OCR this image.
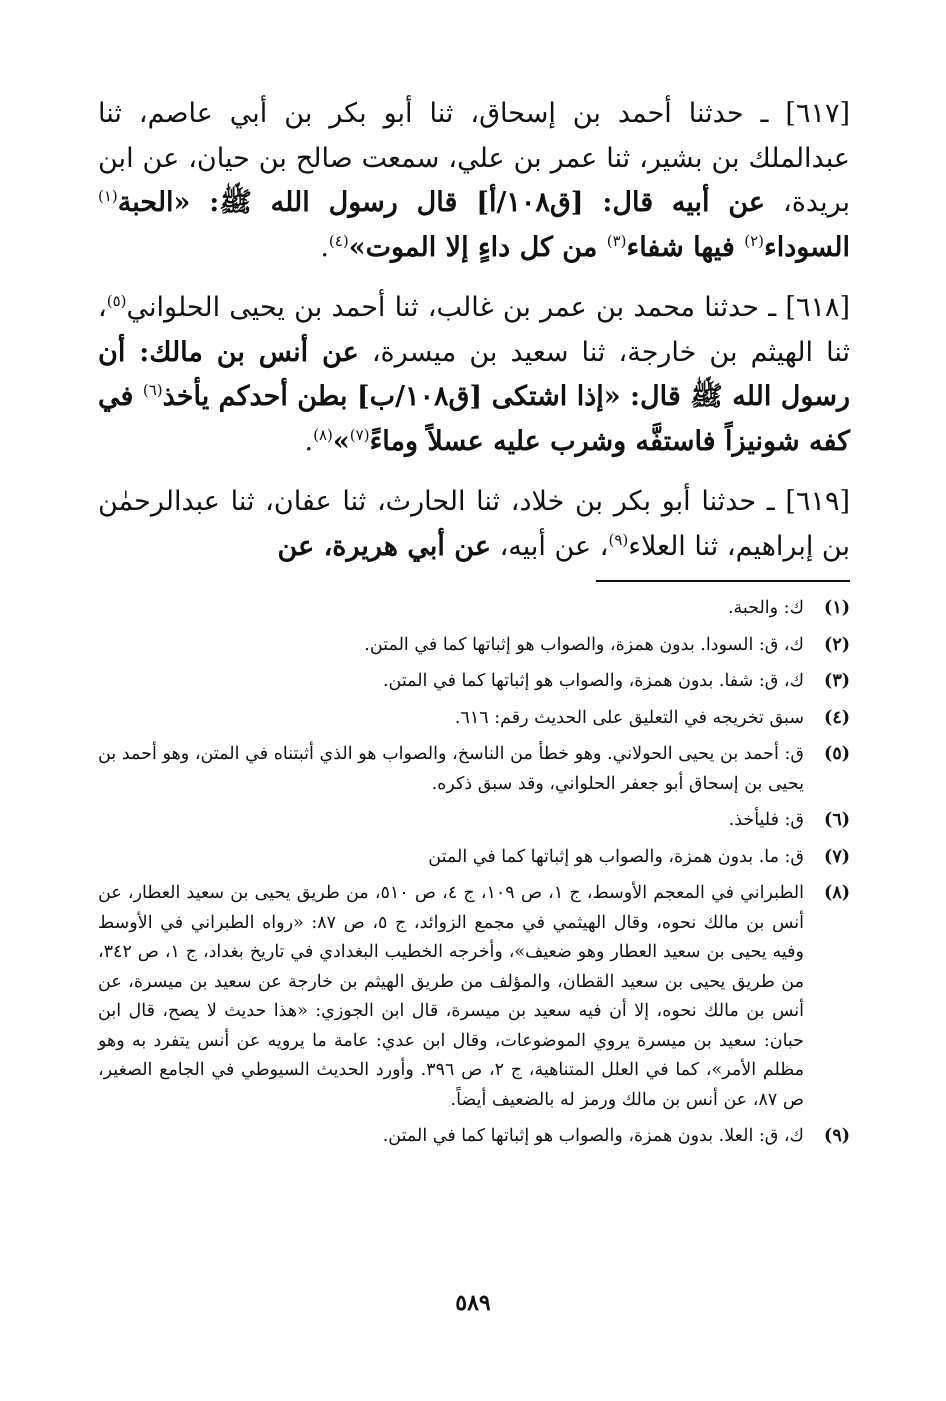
[٦١٧] ـ حدثنا أحمد بن إسحاق، ثنا أبو بكر بن أبي عاصم، ثنا عبدالملك بن بشير، ثنا عمر بن علي، سمعت صالح بن حيان، عن ابن بريدة، عن أبيه قال: [ق١٠٨/أ] قال رسول الله ﷺ: «الحبة$^{(١)}$ السوداء$^{(٢)}$ فيها شفاء$^{(٣)}$ من كل داءٍ إلا الموت»$^{(٤)}$.

[٦١٨] ـ حدثنا محمد بن عمر بن غالب، ثنا أحمد بن يحيى الحلواني$^{(٥)}$، ثنا الهيثم بن خارجة، ثنا سعيد بن ميسرة، عن أنس بن مالك: أن رسول الله ﷺ قال: «إذا اشتكى [ق١٠٨/ب] بطن أحدكم يأخذ$^{(٦)}$ في كفه شونيزاً فاستفَّه وشرب عليه عسلاً وماءً$^{(٧)}$»$^{(٨)}$.

[٦١٩] ـ حدثنا أبو بكر بن خلاد، ثنا الحارث، ثنا عفان، ثنا عبدالرحمٰن بن إبراهيم، ثنا العلاء$^{(٩)}$، عن أبيه، عن أبي هريرة، عن

(١)
ك: والحبة.
(٢)
ك، ق: السودا. بدون همزة، والصواب هو إثباتها كما في المتن.
(٣)
ك، ق: شفا. بدون همزة، والصواب هو إثباتها كما في المتن.
(٤)
سبق تخريجه في التعليق على الحديث رقم: ٦١٦.
(٥)
ق: أحمد بن يحيى الحولاني. وهو خطأ من الناسخ، والصواب هو الذي أثبتناه في المتن، وهو أحمد بن يحيى بن إسحاق أبو جعفر الحلواني، وقد سبق ذكره.
(٦)
ق: فليأخذ.
(٧)
ق: ما. بدون همزة، والصواب هو إثباتها كما في المتن
(٨)
الطبراني في المعجم الأوسط، ج ١، ص ١٠٩، ج ٤، ص ٥١٠، من طريق يحيى بن سعيد العطار، عن أنس بن مالك نحوه، وقال الهيثمي في مجمع الزوائد، ج ٥، ص ٨٧: «رواه الطبراني في الأوسط وفيه يحيى بن سعيد العطار وهو ضعيف»، وأخرجه الخطيب البغدادي في تاريخ بغداد، ج ١، ص ٣٤٢، من طريق يحيى بن سعيد القطان، والمؤلف من طريق الهيثم بن خارجة عن سعيد بن ميسرة، عن أنس بن مالك نحوه، إلا أن فيه سعيد بن ميسرة، قال ابن الجوزي: «هذا حديث لا يصح، قال ابن حبان: سعيد بن ميسرة يروي الموضوعات، وقال ابن عدي: عامة ما يرويه عن أنس يتفرد به وهو مظلم الأمر»، كما في العلل المتناهية، ج ٢، ص ٣٩٦. وأورد الحديث السيوطي في الجامع الصغير، ص ٨٧، عن أنس بن مالك ورمز له بالضعيف أيضاً.
(٩)
ك، ق: العلا. بدون همزة، والصواب هو إثباتها كما في المتن.
٥٨٩
